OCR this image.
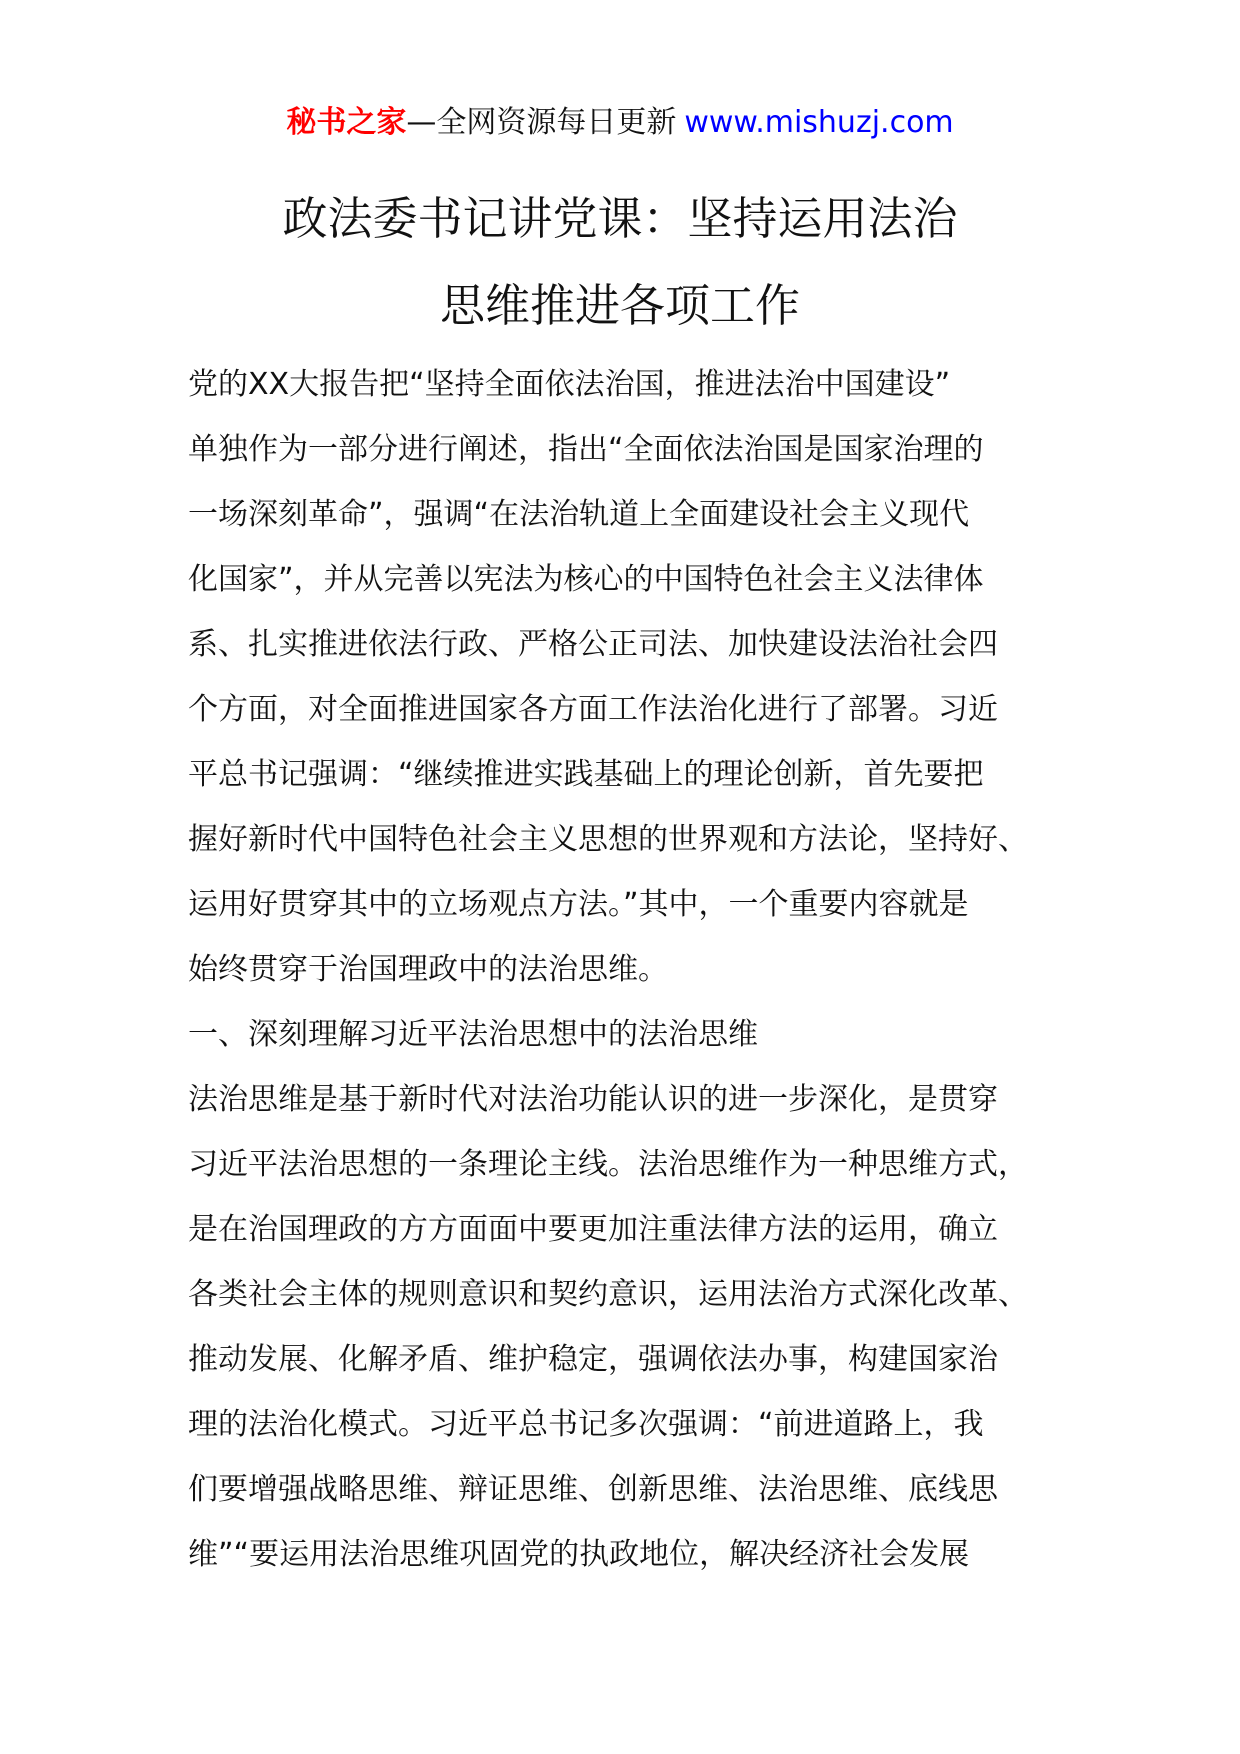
秘书之家—全网资源每日更新 www.mishuzj.com
政法委书记讲党课：坚持运用法治
思维推进各项工作
党的XX大报告把“坚持全面依法治国，推进法治中国建设”
单独作为一部分进行阐述，指出“全面依法治国是国家治理的
一场深刻革命”，强调“在法治轨道上全面建设社会主义现代
化国家”，并从完善以宪法为核心的中国特色社会主义法律体
系、扎实推进依法行政、严格公正司法、加快建设法治社会四
个方面，对全面推进国家各方面工作法治化进行了部署。习近
平总书记强调：“继续推进实践基础上的理论创新，首先要把
握好新时代中国特色社会主义思想的世界观和方法论，坚持好、
运用好贯穿其中的立场观点方法。”其中，一个重要内容就是
始终贯穿于治国理政中的法治思维。
一、深刻理解习近平法治思想中的法治思维
法治思维是基于新时代对法治功能认识的进一步深化，是贯穿
习近平法治思想的一条理论主线。法治思维作为一种思维方式，
是在治国理政的方方面面中要更加注重法律方法的运用，确立
各类社会主体的规则意识和契约意识，运用法治方式深化改革、
推动发展、化解矛盾、维护稳定，强调依法办事，构建国家治
理的法治化模式。习近平总书记多次强调：“前进道路上，我
们要增强战略思维、辩证思维、创新思维、法治思维、底线思
维”“要运用法治思维巩固党的执政地位，解决经济社会发展
